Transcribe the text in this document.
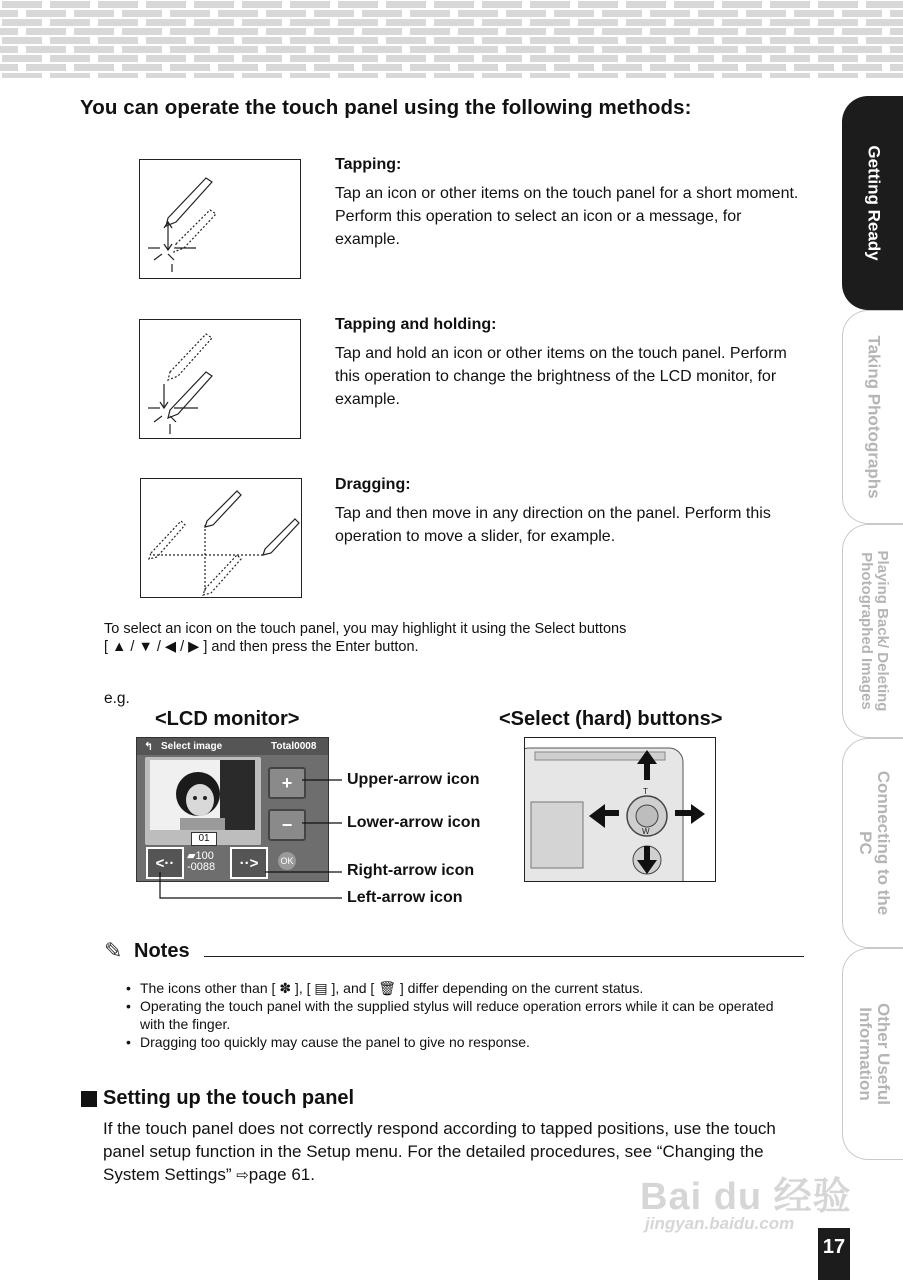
You can operate the touch panel using the following methods:
Tapping:
Tap an icon or other items on the touch panel for a short moment. Perform this operation to select an icon or a message, for example.
Tapping and holding:
Tap and hold an icon or other items on the touch panel. Perform this operation to change the brightness of the LCD monitor, for example.
Dragging:
Tap and then move in any direction on the panel. Perform this operation to move a slider, for example.
To select an icon on the touch panel, you may highlight it using the Select buttons
[ ▲ / ▼ / ◀ / ▶ ] and then press the Enter button.
e.g.
<LCD monitor>	<Select (hard) buttons>
↰ Select image	Total0008
01
+
−
<·· ▰100
-0088 ··> OK
Upper-arrow icon
Lower-arrow icon
Right-arrow icon
Left-arrow icon
T
W
✎ Notes
• The icons other than [ ✽ ], [ ▤ ], and [ 🗑 ] differ depending on the current status.
• Operating the touch panel with the supplied stylus will reduce operation errors while it can be operated with the finger.
• Dragging too quickly may cause the panel to give no response.
Setting up the touch panel
If the touch panel does not correctly respond according to tapped positions, use the touch panel setup function in the Setup menu. For the detailed procedures, see “Changing the System Settings” ⇨page 61.
Getting Ready
Taking Photographs
Playing Back/ Deleting
Photographed Images
Connecting to the
PC
Other Useful
Information
Bai du 经验
jingyan.baidu.com
17
